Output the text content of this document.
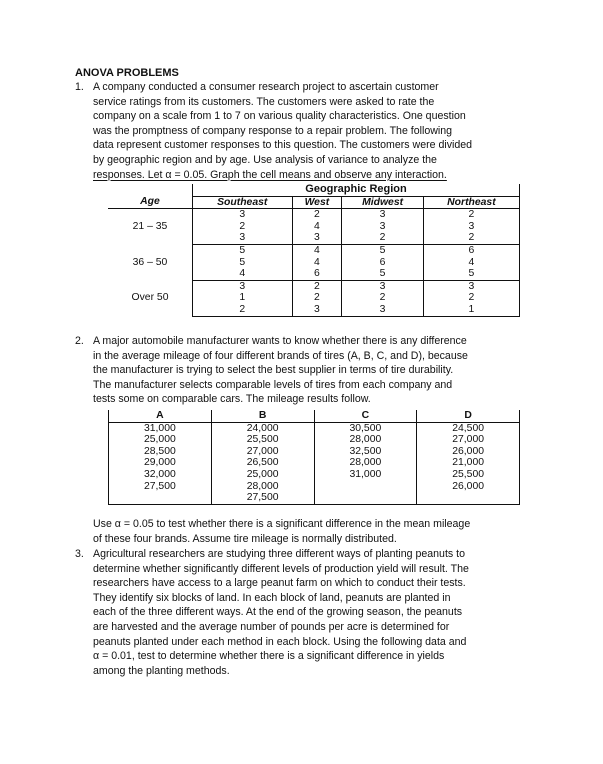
ANOVA PROBLEMS
1. A company conducted a consumer research project to ascertain customer

service ratings from its customers. The customers were asked to rate the

company on a scale from 1 to 7 on various quality characteristics. One question

was the promptness of company response to a repair problem. The following

data represent customer responses to this question. The customers were divided

by geographic region and by age. Use analysis of variance to analyze the

responses. Let α = 0.05. Graph the cell means and observe any interaction.

	Geographic Region			
Age	Southeast	West	Midwest	Northeast
21 – 35	3	2	3	2
	2	4	3	3
	3	3	2	2
36 – 50	5	4	5	6
	5	4	6	4
	4	6	5	5
Over 50	3	2	3	3
	1	2	2	2
	2	3	3	1
2. A major automobile manufacturer wants to know whether there is any difference

in the average mileage of four different brands of tires (A, B, C, and D), because

the manufacturer is trying to select the best supplier in terms of tire durability.

The manufacturer selects comparable levels of tires from each company and

tests some on comparable cars. The mileage results follow.

A	B	C	D
31,000	24,000	30,500	24,500
25,000	25,500	28,000	27,000
28,500	27,000	32,500	26,000
29,000	26,500	28,000	21,000
32,000	25,000	31,000	25,500
27,500	28,000		26,000
	27,500		

Use α = 0.05 to test whether there is a significant difference in the mean mileage

of these four brands. Assume tire mileage is normally distributed.

3. Agricultural researchers are studying three different ways of planting peanuts to

determine whether significantly different levels of production yield will result. The

researchers have access to a large peanut farm on which to conduct their tests.

They identify six blocks of land. In each block of land, peanuts are planted in

each of the three different ways. At the end of the growing season, the peanuts

are harvested and the average number of pounds per acre is determined for

peanuts planted under each method in each block. Using the following data and

α = 0.01, test to determine whether there is a significant difference in yields

among the planting methods.
